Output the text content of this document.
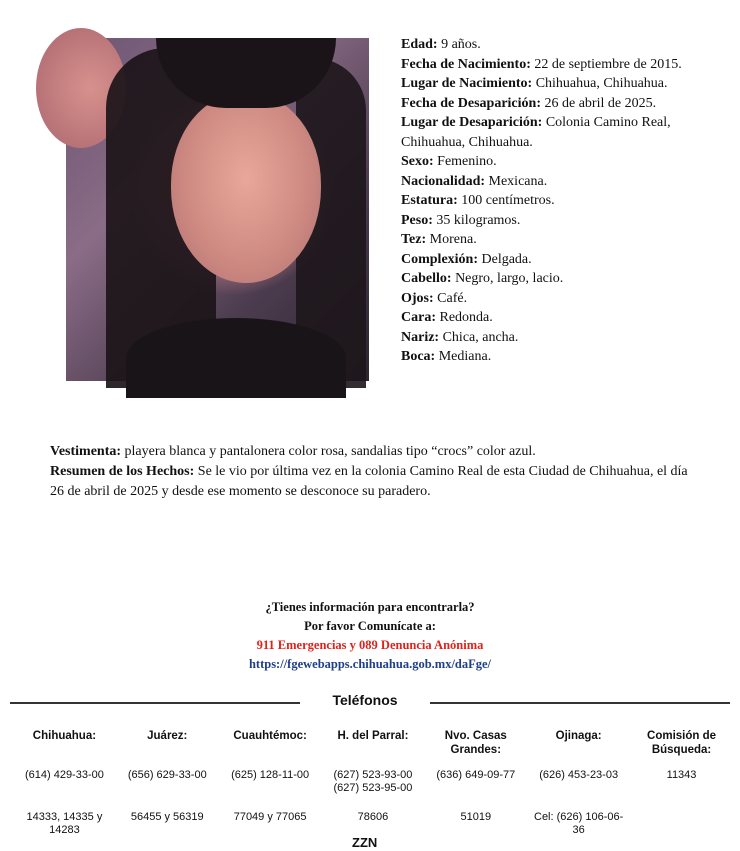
Edad: 9 años.

Fecha de Nacimiento: 22 de septiembre de 2015.

Lugar de Nacimiento: Chihuahua, Chihuahua.

Fecha de Desaparición: 26 de abril de 2025.

Lugar de Desaparición: Colonia Camino Real, Chihuahua, Chihuahua.

Sexo: Femenino.

Nacionalidad: Mexicana.

Estatura: 100 centímetros.

Peso: 35 kilogramos.

Tez: Morena.

Complexión: Delgada.

Cabello: Negro, largo, lacio.

Ojos: Café.

Cara: Redonda.

Nariz: Chica, ancha.

Boca: Mediana.

Vestimenta: playera blanca y pantalonera color rosa, sandalias tipo “crocs” color azul.

Resumen de los Hechos: Se le vio por última vez en la colonia Camino Real de esta Ciudad de Chihuahua, el día 26 de abril de 2025 y desde ese momento se desconoce su paradero.

¿Tienes información para encontrarla?
Por favor Comunícate a:
911 Emergencias y 089 Denuncia Anónima
https://fgewebapps.chihuahua.gob.mx/daFge/
Teléfonos
Chihuahua:	Juárez:	Cuauhtémoc:	H. del Parral:	Nvo. Casas Grandes:	Ojinaga:	Comisión de Búsqueda:
(614) 429-33-00	(656) 629-33-00	(625) 128-11-00	(627) 523-93-00 (627) 523-95-00	(636) 649-09-77	(626) 453-23-03	11343
14333, 14335 y 14283	56455 y 56319	77049 y 77065	78606	51019	Cel: (626) 106-06-36	
ZZN
